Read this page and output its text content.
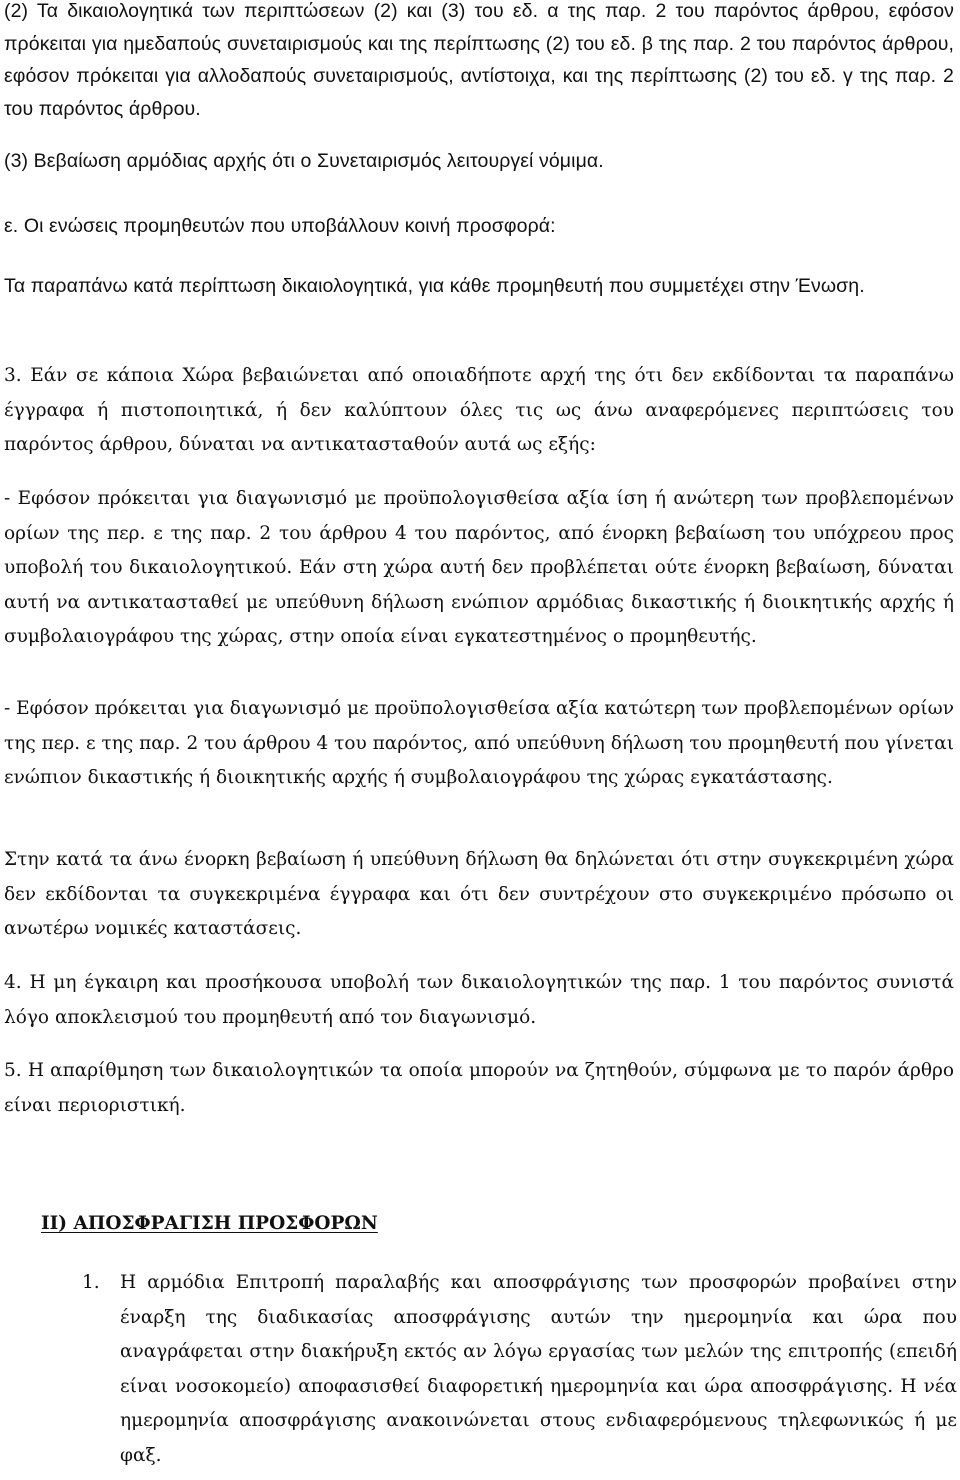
(2) Τα δικαιολογητικά των περιπτώσεων (2) και (3) του εδ. α της παρ. 2 του παρόντος άρθρου, εφόσον πρόκειται για ημεδαπούς συνεταιρισμούς και της περίπτωσης (2) του εδ. β της παρ. 2 του παρόντος άρθρου, εφόσον πρόκειται για αλλοδαπούς συνεταιρισμούς, αντίστοιχα, και της περίπτωσης (2) του εδ. γ της παρ. 2 του παρόντος άρθρου.

(3) Βεβαίωση αρμόδιας αρχής ότι ο Συνεταιρισμός λειτουργεί νόμιμα.

ε. Οι ενώσεις προμηθευτών που υποβάλλουν κοινή προσφορά:

Τα παραπάνω κατά περίπτωση δικαιολογητικά, για κάθε προμηθευτή που συμμετέχει στην Ένωση.

3. Εάν σε κάποια Χώρα βεβαιώνεται από οποιαδήποτε αρχή της ότι δεν εκδίδονται τα παραπάνω έγγραφα ή πιστοποιητικά, ή δεν καλύπτουν όλες τις ως άνω αναφερόμενες περιπτώσεις του παρόντος άρθρου, δύναται να αντικατασταθούν αυτά ως εξής:

- Εφόσον πρόκειται για διαγωνισμό με προϋπολογισθείσα αξία ίση ή ανώτερη των προβλεπομένων ορίων της περ. ε της παρ. 2 του άρθρου 4 του παρόντος, από ένορκη βεβαίωση του υπόχρεου προς υποβολή του δικαιολογητικού. Εάν στη χώρα αυτή δεν προβλέπεται ούτε ένορκη βεβαίωση, δύναται αυτή να αντικατασταθεί με υπεύθυνη δήλωση ενώπιον αρμόδιας δικαστικής ή διοικητικής αρχής ή συμβολαιογράφου της χώρας, στην οποία είναι εγκατεστημένος ο προμηθευτής.

- Εφόσον πρόκειται για διαγωνισμό με προϋπολογισθείσα αξία κατώτερη των προβλεπομένων ορίων της περ. ε της παρ. 2 του άρθρου 4 του παρόντος, από υπεύθυνη δήλωση του προμηθευτή που γίνεται ενώπιον δικαστικής ή διοικητικής αρχής ή συμβολαιογράφου της χώρας εγκατάστασης.

Στην κατά τα άνω ένορκη βεβαίωση ή υπεύθυνη δήλωση θα δηλώνεται ότι στην συγκεκριμένη χώρα δεν εκδίδονται τα συγκεκριμένα έγγραφα και ότι δεν συντρέχουν στο συγκεκριμένο πρόσωπο οι ανωτέρω νομικές καταστάσεις.

4. Η μη έγκαιρη και προσήκουσα υποβολή των δικαιολογητικών της παρ. 1 του παρόντος συνιστά λόγο αποκλεισμού του προμηθευτή από τον διαγωνισμό.

5. Η απαρίθμηση των δικαιολογητικών τα οποία μπορούν να ζητηθούν, σύμφωνα με το παρόν άρθρο είναι περιοριστική.

ΙΙ) ΑΠΟΣΦΡΑΓΙΣΗ ΠΡΟΣΦΟΡΩΝ
1.	Η αρμόδια Επιτροπή παραλαβής και αποσφράγισης των προσφορών προβαίνει στην έναρξη της διαδικασίας αποσφράγισης αυτών την ημερομηνία και ώρα που αναγράφεται στην διακήρυξη εκτός αν λόγω εργασίας των μελών της επιτροπής (επειδή είναι νοσοκομείο) αποφασισθεί διαφορετική ημερομηνία και ώρα αποσφράγισης. Η νέα ημερομηνία αποσφράγισης ανακοινώνεται στους ενδιαφερόμενους τηλεφωνικώς ή με φαξ.
